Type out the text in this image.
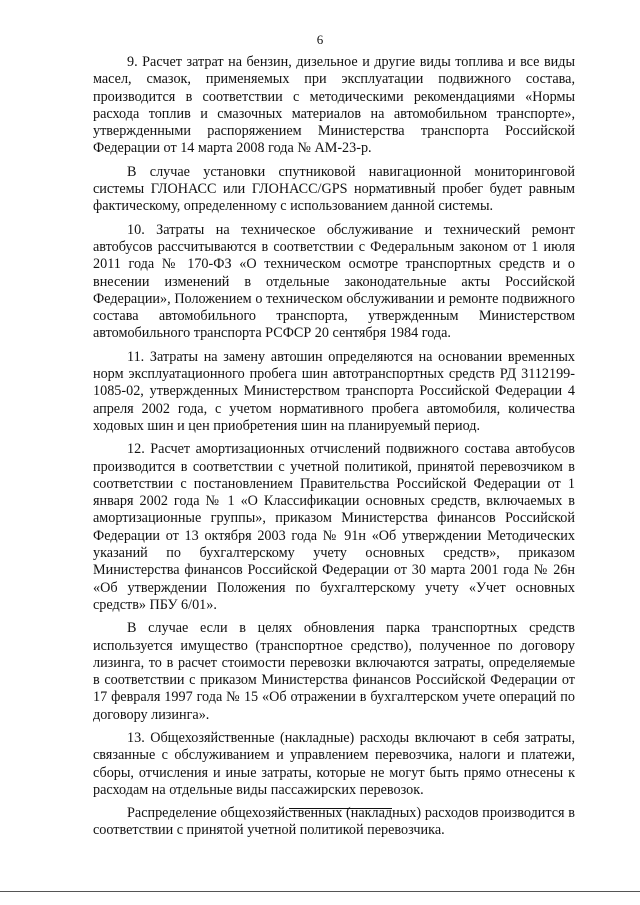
6

9. Расчет затрат на бензин, дизельное и другие виды топлива и все виды масел, смазок, применяемых при эксплуатации подвижного состава, производится в соответствии с методическими рекомендациями «Нормы расхода топлив и смазочных материалов на автомобильном транспорте», утвержденными распоряжением Министерства транспорта Российской Федерации от 14 марта 2008 года № АМ-23-р.

В случае установки спутниковой навигационной мониторинговой системы ГЛОНАСС или ГЛОНАСС/GPS нормативный пробег будет равным фактическому, определенному с использованием данной системы.

10. Затраты на техническое обслуживание и технический ремонт автобусов рассчитываются в соответствии с Федеральным законом от 1 июля 2011 года № 170-ФЗ «О техническом осмотре транспортных средств и о внесении изменений в отдельные законодательные акты Российской Федерации», Положением о техническом обслуживании и ремонте подвижного состава автомобильного транспорта, утвержденным Министерством автомобильного транспорта РСФСР 20 сентября 1984 года.

11. Затраты на замену автошин определяются на основании временных норм эксплуатационного пробега шин автотранспортных средств РД 3112199-1085-02, утвержденных Министерством транспорта Российской Федерации 4 апреля 2002 года, с учетом нормативного пробега автомобиля, количества ходовых шин и цен приобретения шин на планируемый период.

12. Расчет амортизационных отчислений подвижного состава автобусов производится в соответствии с учетной политикой, принятой перевозчиком в соответствии с постановлением Правительства Российской Федерации от 1 января 2002 года № 1 «О Классификации основных средств, включаемых в амортизационные группы», приказом Министерства финансов Российской Федерации от 13 октября 2003 года № 91н «Об утверждении Методических указаний по бухгалтерскому учету основных средств», приказом Министерства финансов Российской Федерации от 30 марта 2001 года № 26н «Об утверждении Положения по бухгалтерскому учету «Учет основных средств» ПБУ 6/01».

В случае если в целях обновления парка транспортных средств используется имущество (транспортное средство), полученное по договору лизинга, то в расчет стоимости перевозки включаются затраты, определяемые в соответствии с приказом Министерства финансов Российской Федерации от 17 февраля 1997 года № 15 «Об отражении в бухгалтерском учете операций по договору лизинга».

13. Общехозяйственные (накладные) расходы включают в себя затраты, связанные с обслуживанием и управлением перевозчика, налоги и платежи, сборы, отчисления и иные затраты, которые не могут быть прямо отнесены к расходам на отдельные виды пассажирских перевозок.

Распределение общехозяйственных (накладных) расходов производится в соответствии с принятой учетной политикой перевозчика.
